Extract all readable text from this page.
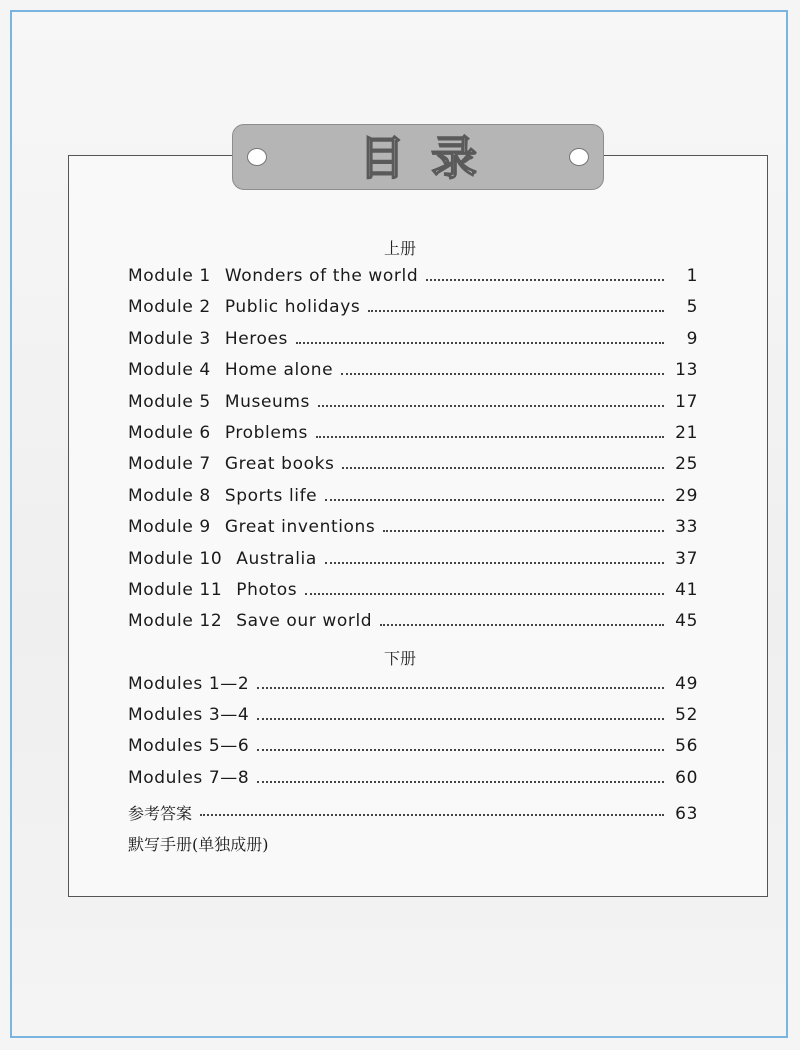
目录
上册
Module 1 Wonders of the world	1
Module 2 Public holidays	5
Module 3 Heroes	9
Module 4 Home alone	13
Module 5 Museums	17
Module 6 Problems	21
Module 7 Great books	25
Module 8 Sports life	29
Module 9 Great inventions	33
Module 10 Australia	37
Module 11 Photos	41
Module 12 Save our world	45
下册
Modules 1—2	49
Modules 3—4	52
Modules 5—6	56
Modules 7—8	60
参考答案	63
默写手册(单独成册)
